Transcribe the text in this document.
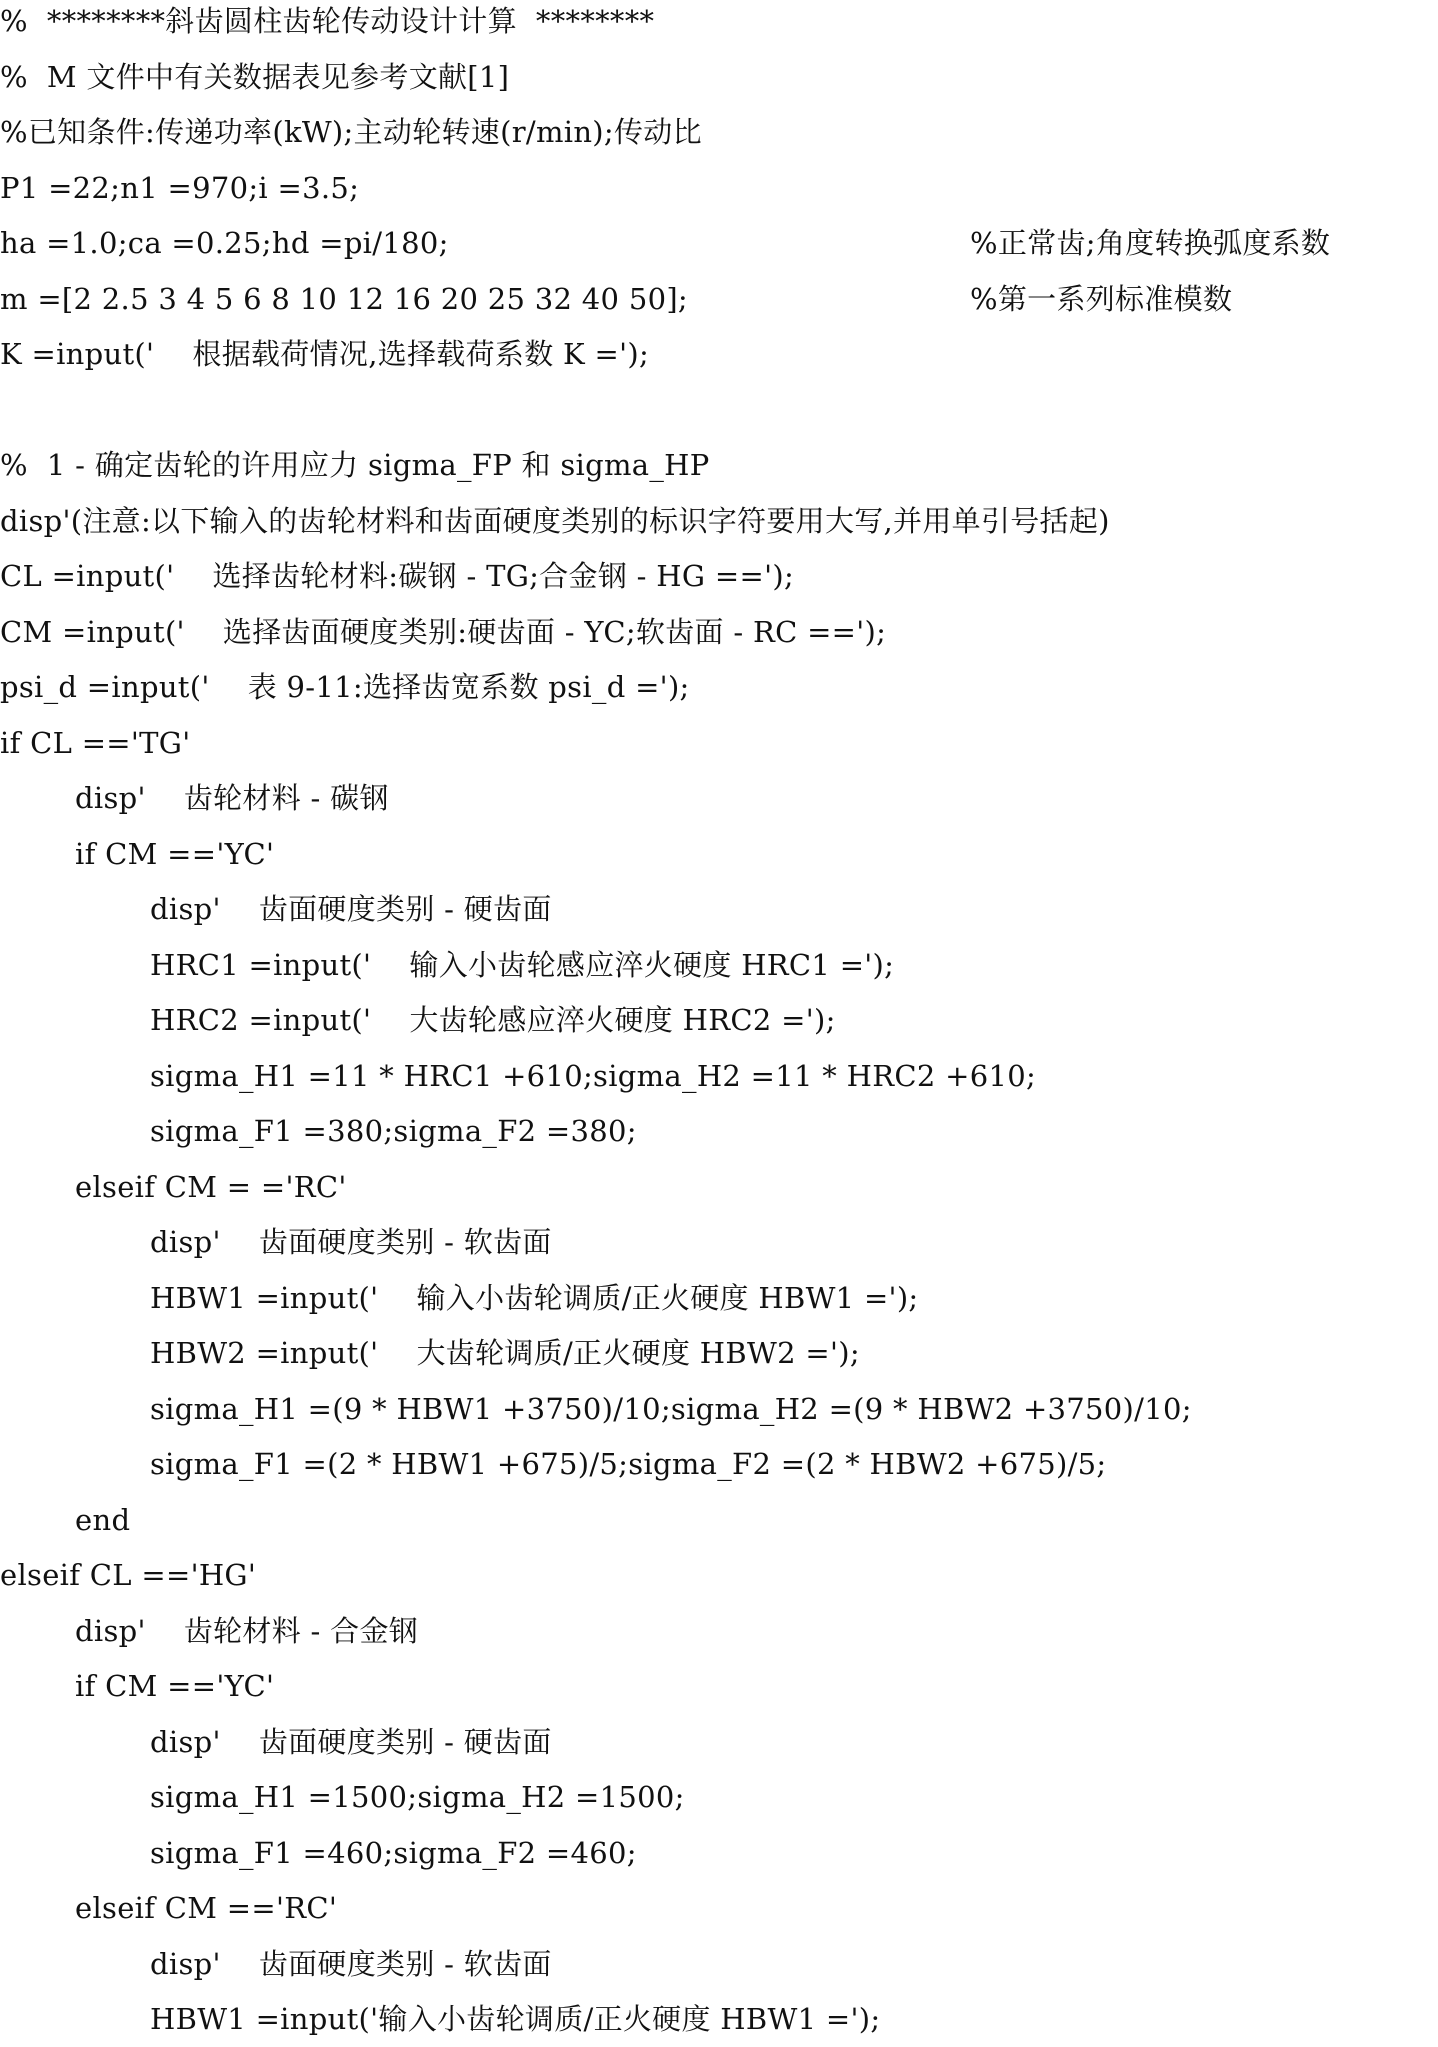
%  ********斜齿圆柱齿轮传动设计计算  ********
%  M 文件中有关数据表见参考文献[1]
%已知条件:传递功率(kW);主动轮转速(r/min);传动比
P1 =22;n1 =970;i =3.5;
ha =1.0;ca =0.25;hd =pi/180;	%正常齿;角度转换弧度系数
m =[2 2.5 3 4 5 6 8 10 12 16 20 25 32 40 50];	%第一系列标准模数
K =input('    根据载荷情况,选择载荷系数 K =');
%  1 - 确定齿轮的许用应力 sigma_FP 和 sigma_HP
disp'(注意:以下输入的齿轮材料和齿面硬度类别的标识字符要用大写,并用单引号括起)
CL =input('    选择齿轮材料:碳钢 - TG;合金钢 - HG ==');
CM =input('    选择齿面硬度类别:硬齿面 - YC;软齿面 - RC ==');
psi_d =input('    表 9-11:选择齿宽系数 psi_d =');
if CL =='TG'
disp'    齿轮材料 - 碳钢
if CM =='YC'
disp'    齿面硬度类别 - 硬齿面
HRC1 =input('    输入小齿轮感应淬火硬度 HRC1 =');
HRC2 =input('    大齿轮感应淬火硬度 HRC2 =');
sigma_H1 =11 * HRC1 +610;sigma_H2 =11 * HRC2 +610;
sigma_F1 =380;sigma_F2 =380;
elseif CM = ='RC'
disp'    齿面硬度类别 - 软齿面
HBW1 =input('    输入小齿轮调质/正火硬度 HBW1 =');
HBW2 =input('    大齿轮调质/正火硬度 HBW2 =');
sigma_H1 =(9 * HBW1 +3750)/10;sigma_H2 =(9 * HBW2 +3750)/10;
sigma_F1 =(2 * HBW1 +675)/5;sigma_F2 =(2 * HBW2 +675)/5;
end
elseif CL =='HG'
disp'    齿轮材料 - 合金钢
if CM =='YC'
disp'    齿面硬度类别 - 硬齿面
sigma_H1 =1500;sigma_H2 =1500;
sigma_F1 =460;sigma_F2 =460;
elseif CM =='RC'
disp'    齿面硬度类别 - 软齿面
HBW1 =input('输入小齿轮调质/正火硬度 HBW1 =');
